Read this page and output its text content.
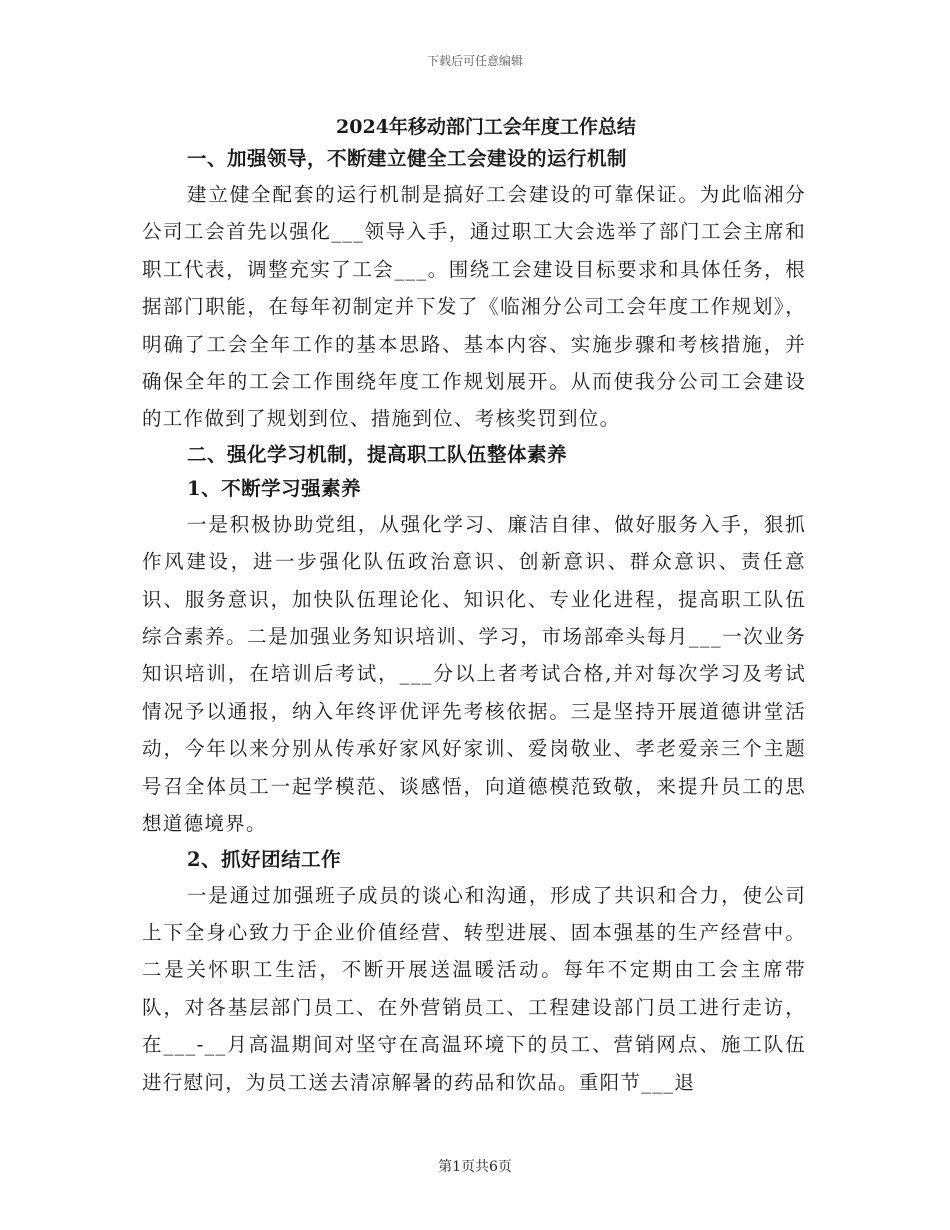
下载后可任意编辑
2024年移动部门工会年度工作总结

一、加强领导，不断建立健全工会建设的运行机制

建立健全配套的运行机制是搞好工会建设的可靠保证。为此临湘分公司工会首先以强化___领导入手，通过职工大会选举了部门工会主席和职工代表，调整充实了工会___。围绕工会建设目标要求和具体任务，根据部门职能，在每年初制定并下发了《临湘分公司工会年度工作规划》，明确了工会全年工作的基本思路、基本内容、实施步骤和考核措施，并确保全年的工会工作围绕年度工作规划展开。从而使我分公司工会建设的工作做到了规划到位、措施到位、考核奖罚到位。

二、强化学习机制，提高职工队伍整体素养

1、不断学习强素养

一是积极协助党组，从强化学习、廉洁自律、做好服务入手，狠抓作风建设，进一步强化队伍政治意识、创新意识、群众意识、责任意识、服务意识，加快队伍理论化、知识化、专业化进程，提高职工队伍综合素养。二是加强业务知识培训、学习，市场部牵头每月___一次业务知识培训，在培训后考试，___分以上者考试合格,并对每次学习及考试情况予以通报，纳入年终评优评先考核依据。三是坚持开展道德讲堂活动，今年以来分别从传承好家风好家训、爱岗敬业、孝老爱亲三个主题号召全体员工一起学模范、谈感悟，向道德模范致敬，来提升员工的思想道德境界。

2、抓好团结工作

一是通过加强班子成员的谈心和沟通，形成了共识和合力，使公司上下全身心致力于企业价值经营、转型进展、固本强基的生产经营中。二是关怀职工生活，不断开展送温暖活动。每年不定期由工会主席带队，对各基层部门员工、在外营销员工、工程建设部门员工进行走访，在___-__月高温期间对坚守在高温环境下的员工、营销网点、施工队伍进行慰问，为员工送去清凉解暑的药品和饮品。重阳节___退

第1页共6页
